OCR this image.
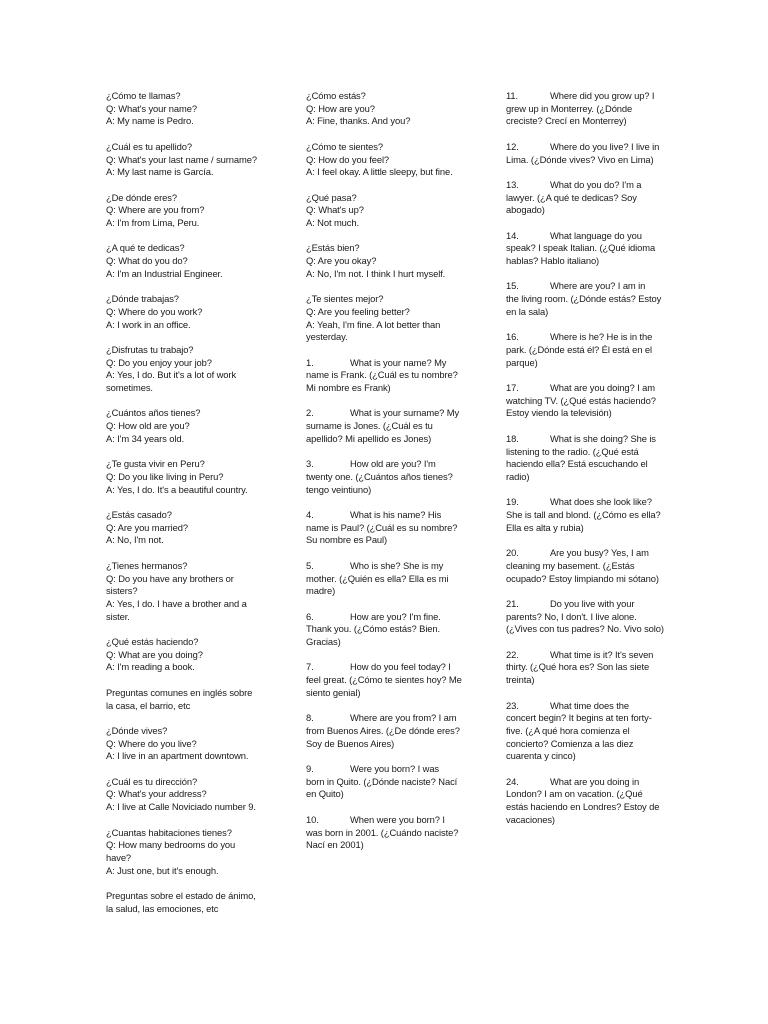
¿Cómo te llamas?
Q: What's your name?
A: My name is Pedro.
¿Cuál es tu apellido?
Q: What's your last name / surname?
A: My last name is García.
¿De dónde eres?
Q: Where are you from?
A: I'm from Lima, Peru.
¿A qué te dedicas?
Q: What do you do?
A: I'm an Industrial Engineer.
¿Dónde trabajas?
Q: Where do you work?
A: I work in an office.
¿Disfrutas tu trabajo?
Q: Do you enjoy your job?
A: Yes, I do. But it's a lot of work
sometimes.
¿Cuántos años tienes?
Q: How old are you?
A: I'm 34 years old.
¿Te gusta vivir en Peru?
Q: Do you like living in Peru?
A: Yes, I do. It's a beautiful country.
¿Estás casado?
Q: Are you married?
A: No, I'm not.
¿Tienes hermanos?
Q: Do you have any brothers or
sisters?
A: Yes, I do. I have a brother and a
sister.
¿Qué estás haciendo?
Q: What are you doing?
A: I'm reading a book.
Preguntas comunes en inglés sobre
la casa, el barrio, etc
¿Dónde vives?
Q: Where do you live?
A: I live in an apartment downtown.
¿Cuál es tu dirección?
Q: What's your address?
A: I live at Calle Noviciado number 9.
¿Cuantas habitaciones tienes?
Q: How many bedrooms do you
have?
A: Just one, but it's enough.
Preguntas sobre el estado de ánimo,
la salud, las emociones, etc
¿Cómo estás?
Q: How are you?
A: Fine, thanks. And you?
¿Cómo te sientes?
Q: How do you feel?
A: I feel okay. A little sleepy, but fine.
¿Qué pasa?
Q: What's up?
A: Not much.
¿Estás bien?
Q: Are you okay?
A: No, I'm not. I think I hurt myself.
¿Te sientes mejor?
Q: Are you feeling better?
A: Yeah, I'm fine. A lot better than
yesterday.
1.	What is your name? My
name is Frank. (¿Cuál es tu nombre?
Mi nombre es Frank)
2.	What is your surname? My
surname is Jones. (¿Cuál es tu
apellido? Mi apellido es Jones)
3.	How old are you? I'm
twenty one. (¿Cuántos años tienes?
tengo veintiuno)
4.	What is his name? His
name is Paul? (¿Cuál es su nombre?
Su nombre es Paul)
5.	Who is she? She is my
mother. (¿Quién es ella? Ella es mi
madre)
6.	How are you? I'm fine.
Thank you. (¿Cómo estás? Bien.
Gracias)
7.	How do you feel today? I
feel great. (¿Cómo te sientes hoy? Me
siento genial)
8.	Where are you from? I am
from Buenos Aires. (¿De dónde eres?
Soy de Buenos Aires)
9.	Were you born? I was
born in Quito. (¿Dónde naciste? Nací
en Quito)
10.	When were you born? I
was born in 2001. (¿Cuándo naciste?
Nací en 2001)
11.	Where did you grow up? I
grew up in Monterrey. (¿Dónde
creciste? Crecí en Monterrey)
12.	Where do you live? I live in
Lima. (¿Dónde vives? Vivo en Lima)
13.	What do you do? I'm a
lawyer. (¿A qué te dedicas? Soy
abogado)
14.	What language do you
speak? I speak Italian. (¿Qué idioma
hablas? Hablo italiano)
15.	Where are you? I am in
the living room. (¿Dónde estás? Estoy
en la sala)
16.	Where is he? He is in the
park. (¿Dónde está él? Él está en el
parque)
17.	What are you doing? I am
watching TV. (¿Qué estás haciendo?
Estoy viendo la televisión)
18.	What is she doing? She is
listening to the radio. (¿Qué está
haciendo ella? Está escuchando el
radio)
19.	What does she look like?
She is tall and blond. (¿Cómo es ella?
Ella es alta y rubia)
20.	Are you busy? Yes, I am
cleaning my basement. (¿Estás
ocupado? Estoy limpiando mi sótano)
21.	Do you live with your
parents? No, I don't. I live alone.
(¿Vives con tus padres? No. Vivo solo)
22.	What time is it? It's seven
thirty. (¿Qué hora es? Son las siete
treinta)
23.	What time does the
concert begin? It begins at ten forty-
five. (¿A qué hora comienza el
concierto? Comienza a las diez
cuarenta y cinco)
24.	What are you doing in
London? I am on vacation. (¿Qué
estás haciendo en Londres? Estoy de
vacaciones)
